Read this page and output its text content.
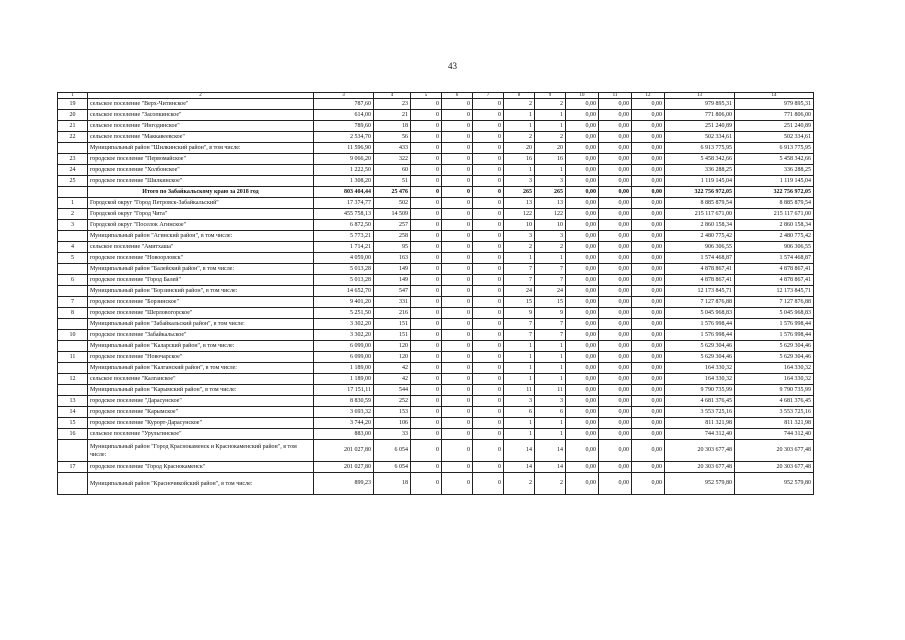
43
1	2	3	4	5	6	7	8	9	10	11	12	13	14
19	сельское поселение "Верх-Читинское"	787,60	23	0	0	0	2	2	0,00	0,00	0,00	979 895,31	979 895,31
20	сельское поселение "Засопкинское"	614,00	21	0	0	0	1	1	0,00	0,00	0,00	771 806,00	771 806,00
21	сельское поселение "Ингодинское"	789,60	18	0	0	0	1	1	0,00	0,00	0,00	251 240,89	251 240,89
22	сельское поселение "Маккавеевское"	2 534,70	56	0	0	0	2	2	0,00	0,00	0,00	502 334,61	502 334,61
	Муниципальный район "Шилкинский район", в том числе:	11 596,90	433	0	0	0	20	20	0,00	0,00	0,00	6 913 775,95	6 913 775,95
23	городское поселение "Первомайское"	9 066,20	322	0	0	0	16	16	0,00	0,00	0,00	5 458 342,66	5 458 342,66
24	городское поселение "Холбонское"	1 222,50	60	0	0	0	1	1	0,00	0,00	0,00	336 288,25	336 288,25
25	городское поселение "Шилкинское"	1 308,20	51	0	0	0	3	3	0,00	0,00	0,00	1 119 145,04	1 119 145,04
	Итого по Забайкальскому краю за 2018 год	803 404,44	25 476	0	0	0	265	265	0,00	0,00	0,00	322 756 972,05	322 756 972,05
1	Городской округ "Город Петровск-Забайкальский"	17 374,77	502	0	0	0	13	13	0,00	0,00	0,00	8 885 879,54	8 885 879,54
2	Городской округ "Город Чита"	455 758,13	14 509	0	0	0	122	122	0,00	0,00	0,00	215 117 671,00	215 117 671,00
3	Городской округ "Поселок Агинское"	6 872,50	257	0	0	0	10	10	0,00	0,00	0,00	2 860 158,34	2 860 158,34
	Муниципальный район "Агинский район", в том числе:	5 773,21	258	0	0	0	3	3	0,00	0,00	0,00	2 480 775,42	2 480 775,42
4	сельское поселение "Амитхаша"	1 714,21	95	0	0	0	2	2	0,00	0,00	0,00	906 306,55	906 306,55
5	городское поселение "Новоорловск"	4 059,00	163	0	0	0	1	1	0,00	0,00	0,00	1 574 468,87	1 574 468,87
	Муниципальный район "Балейский район", в том числе:	5 013,28	149	0	0	0	7	7	0,00	0,00	0,00	4 878 867,41	4 878 867,41
6	городское поселение "Город Балей"	5 013,28	149	0	0	0	7	7	0,00	0,00	0,00	4 878 867,41	4 878 867,41
	Муниципальный район "Борзинский район", в том числе:	14 652,70	547	0	0	0	24	24	0,00	0,00	0,00	12 173 845,71	12 173 845,71
7	городское поселение "Борзинское"	9 401,20	331	0	0	0	15	15	0,00	0,00	0,00	7 127 876,88	7 127 876,88
8	городское поселение "Шерловогорское"	5 251,50	216	0	0	0	9	9	0,00	0,00	0,00	5 045 968,83	5 045 968,83
	Муниципальный район "Забайкальский район", в том числе:	3 302,20	151	0	0	0	7	7	0,00	0,00	0,00	1 576 998,44	1 576 998,44
10	городское поселение "Забайкальское"	3 302,20	151	0	0	0	7	7	0,00	0,00	0,00	1 576 998,44	1 576 998,44
	Муниципальный район "Каларский район", в том числе:	6 099,00	120	0	0	0	1	1	0,00	0,00	0,00	5 629 304,46	5 629 304,46
11	городское поселение "Новочарское"	6 099,00	120	0	0	0	1	1	0,00	0,00	0,00	5 629 304,46	5 629 304,46
	Муниципальный район "Калганский район", в том числе:	1 189,00	42	0	0	0	1	1	0,00	0,00	0,00	164 330,32	164 330,32
12	сельское поселение "Калганское"	1 189,00	42	0	0	0	1	1	0,00	0,00	0,00	164 330,32	164 330,32
	Муниципальный район "Карымский район", в том числе:	17 151,11	544	0	0	0	11	11	0,00	0,00	0,00	9 790 735,99	9 790 735,99
13	городское поселение "Дарасунское"	8 830,59	252	0	0	0	3	3	0,00	0,00	0,00	4 681 376,45	4 681 376,45
14	городское поселение "Карымское"	3 693,32	153	0	0	0	6	6	0,00	0,00	0,00	3 553 725,16	3 553 725,16
15	городское поселение "Курорт-Дарасунское"	3 744,20	106	0	0	0	1	1	0,00	0,00	0,00	811 321,98	811 321,98
16	сельское поселение "Урульгинское"	883,00	33	0	0	0	1	1	0,00	0,00	0,00	744 312,40	744 312,40
	Муниципальный район "Город Краснокаменск и Краснокаменский район", в том числе:	201 027,80	6 054	0	0	0	14	14	0,00	0,00	0,00	20 303 677,48	20 303 677,48
17	городское поселение "Город Краснокаменск"	201 027,80	6 054	0	0	0	14	14	0,00	0,00	0,00	20 303 677,48	20 303 677,48
	Муниципальный район "Красночикойский район", в том числе:	899,23	18	0	0	0	2	2	0,00	0,00	0,00	952 579,80	952 579,80
